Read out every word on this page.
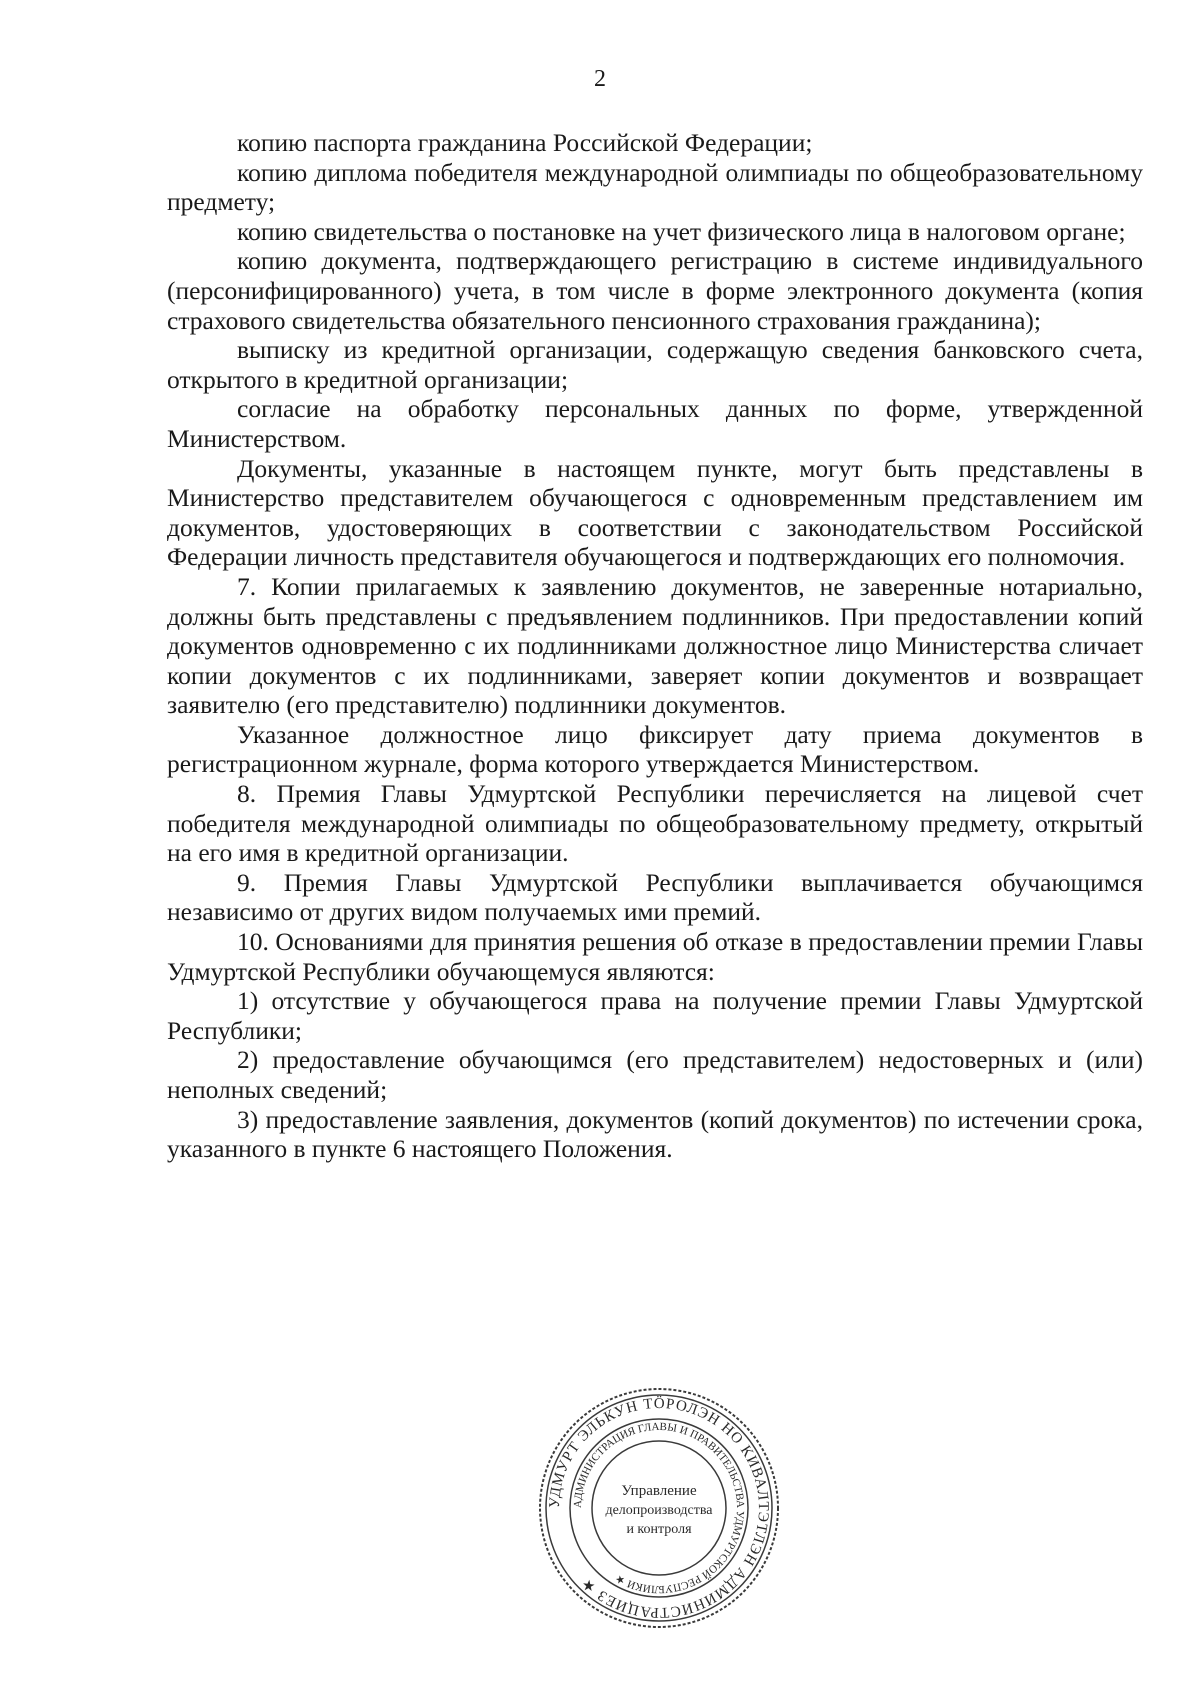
2

копию паспорта гражданина Российской Федерации;

копию диплома победителя международной олимпиады по общеобразовательному предмету;

копию свидетельства о постановке на учет физического лица в налоговом органе;

копию документа, подтверждающего регистрацию в системе индивидуального (персонифицированного) учета, в том числе в форме электронного документа (копия страхового свидетельства обязательного пенсионного страхования гражданина);

выписку из кредитной организации, содержащую сведения банковского счета, открытого в кредитной организации;

согласие на обработку персональных данных по форме, утвержденной Министерством.

Документы, указанные в настоящем пункте, могут быть представлены в Министерство представителем обучающегося с одновременным представлением им документов, удостоверяющих в соответствии с законодательством Российской Федерации личность представителя обучающегося и подтверждающих его полномочия.

7. Копии прилагаемых к заявлению документов, не заверенные нотариально, должны быть представлены с предъявлением подлинников. При предоставлении копий документов одновременно с их подлинниками должностное лицо Министерства сличает копии документов с их подлинниками, заверяет копии документов и возвращает заявителю (его представителю) подлинники документов.

Указанное должностное лицо фиксирует дату приема документов в регистрационном журнале, форма которого утверждается Министерством.

8. Премия Главы Удмуртской Республики перечисляется на лицевой счет победителя международной олимпиады по общеобразовательному предмету, открытый на его имя в кредитной организации.

9. Премия Главы Удмуртской Республики выплачивается обучающимся независимо от других видом получаемых ими премий.

10. Основаниями для принятия решения об отказе в предоставлении премии Главы Удмуртской Республики обучающемуся являются:

1) отсутствие у обучающегося права на получение премии Главы Удмуртской Республики;

2) предоставление обучающимся (его представителем) недостоверных и (или) неполных сведений;

3) предоставление заявления, документов (копий документов) по истечении срока, указанного в пункте 6 настоящего Положения.

УДМУРТ ЭЛЬКУН ТӦРОЛЭН НО КИВАЛТЭТЛЭН АДМИНИСТРАЦИЕЗ ★
АДМИНИСТРАЦИЯ ГЛАВЫ И ПРАВИТЕЛЬСТВА УДМУРТСКОЙ РЕСПУБЛИКИ ★
Управление
делопроизводства
и контроля
